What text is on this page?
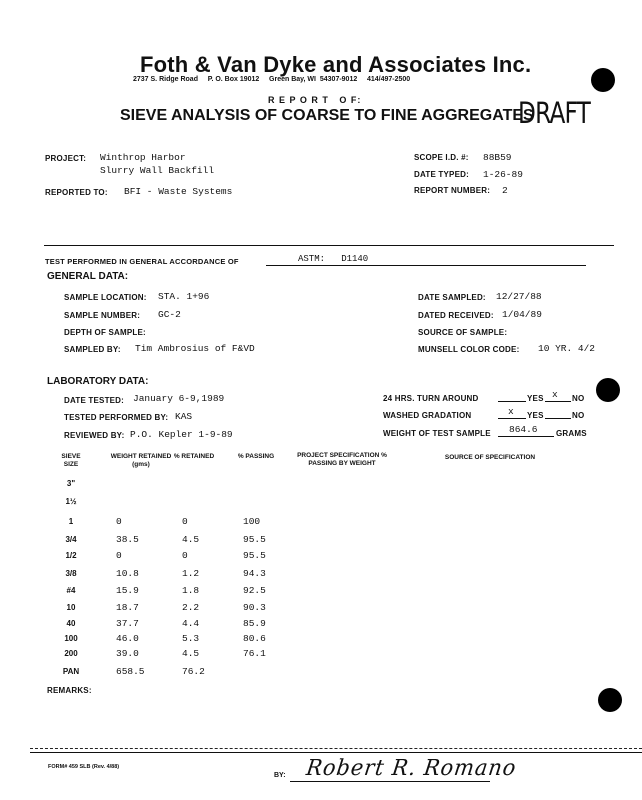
Foth & Van Dyke and Associates Inc.
2737 S. Ridge Road     P. O. Box 19012     Green Bay, WI  54307-9012     414/497-2500
R E P O R T   O F:
SIEVE ANALYSIS OF COARSE TO FINE AGGREGATES
DRAFT
PROJECT: Winthrop Harbor
Slurry Wall Backfill
REPORTED TO: BFI - Waste Systems
SCOPE I.D. #: 88B59
DATE TYPED: 1-26-89
REPORT NUMBER: 2
TEST PERFORMED IN GENERAL ACCORDANCE OF	ASTM:   D1140
GENERAL DATA:
SAMPLE LOCATION: STA. 1+96
SAMPLE NUMBER: GC-2
DEPTH OF SAMPLE:
SAMPLED BY: Tim Ambrosius of F&VD
DATE SAMPLED: 12/27/88
DATED RECEIVED: 1/04/89
SOURCE OF SAMPLE:
MUNSELL COLOR CODE: 10 YR. 4/2
LABORATORY DATA:
DATE TESTED: January 6-9,1989
TESTED PERFORMED BY: KAS
REVIEWED BY: P.O. Kepler 1-9-89
24 HRS. TURN AROUND	x
YES	NO
WASHED GRADATION	x YES	NO
WEIGHT OF TEST SAMPLE 864.6 GRAMS
SIEVE SIZE
WEIGHT RETAINED (gms)
% RETAINED	% PASSING	PROJECT SPECIFICATION % PASSING BY WEIGHT
SOURCE OF SPECIFICATION
3"
1½
1	0	0	100
3/4	38.5	4.5	95.5
1/2	0	0	95.5
3/8	10.8	1.2	94.3
#4	15.9	1.8	92.5
10	18.7	2.2	90.3
40	37.7	4.4	85.9
100	46.0	5.3	80.6
200	39.0	4.5	76.1
PAN	658.5	76.2
REMARKS:
FORM# 459 SLB (Rev. 4/88)
BY: Robert R. Romano
